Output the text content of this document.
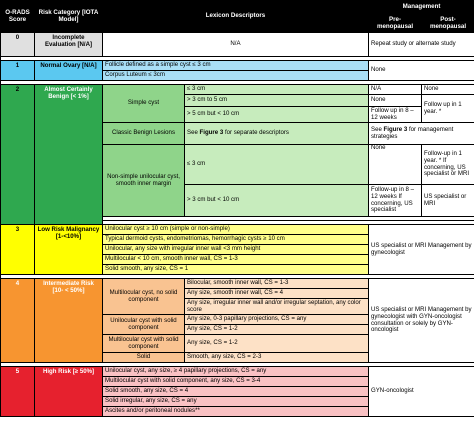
O-RADS Score	Risk Category [IOTA Model]	Lexicon Descriptors		Management	
				Pre-menopausal	Post-menopausal
0	Incomplete Evaluation [N/A]	N/A		Repeat study or alternate study	

1	Normal Ovary [N/A]	Follicle defined as a simple cyst ≤ 3 cm		None	
		Corpus Luteum ≤ 3cm			

2	Almost Certainly Benign [< 1%]	Simple cyst	≤ 3 cm	N/A	None
			> 3 cm to 5 cm	None	Follow up in 1 year. *
			> 5 cm but < 10 cm	Follow up in 8 – 12 weeks	
		Classic Benign Lesions	See Figure 3 for separate descriptors	See Figure 3 for management strategies	
		Non-simple unilocular cyst, smooth inner margin	≤ 3 cm	None	Follow-up in 1 year. * If concerning, US specialist or MRI
			> 3 cm but < 10 cm	Follow-up in 8 – 12 weeks If concerning, US specialist	US specialist or MRI

3	Low Risk Malignancy [1-<10%]	Unilocular cyst ≥ 10 cm (simple or non-simple)		US specialist or MRI Management by gynecologist	
		Typical dermoid cysts, endometriomas, hemorrhagic cysts ≥ 10 cm			
		Unilocular, any size with irregular inner wall <3 mm height			
		Multilocular < 10 cm, smooth inner wall, CS = 1-3			
		Solid smooth, any size, CS = 1			

4	Intermediate Risk [10- < 50%]	Multilocular cyst, no solid component	Bilocular, smooth inner wall, CS = 1-3	US specialist or MRI Management by gynecologist with GYN-oncologist consultation or solely by GYN-oncologist	
			Any size, smooth inner wall, CS = 4		
			Any size, irregular inner wall and/or irregular septation, any color score		
		Unilocular cyst with solid component	Any size, 0-3 papillary projections, CS = any		
			Any size, CS = 1-2		
		Multilocular cyst with solid component	Any size, CS = 1-2		
		Solid	Smooth, any size, CS = 2-3		

5	High Risk [≥ 50%]	Unilocular cyst, any size, ≥ 4 papillary projections, CS = any		GYN-oncologist	
		Multilocular cyst with solid component, any size, CS = 3-4			
		Solid smooth, any size, CS = 4			
		Solid irregular, any size, CS = any			
		Ascites and/or peritoneal nodules**			
